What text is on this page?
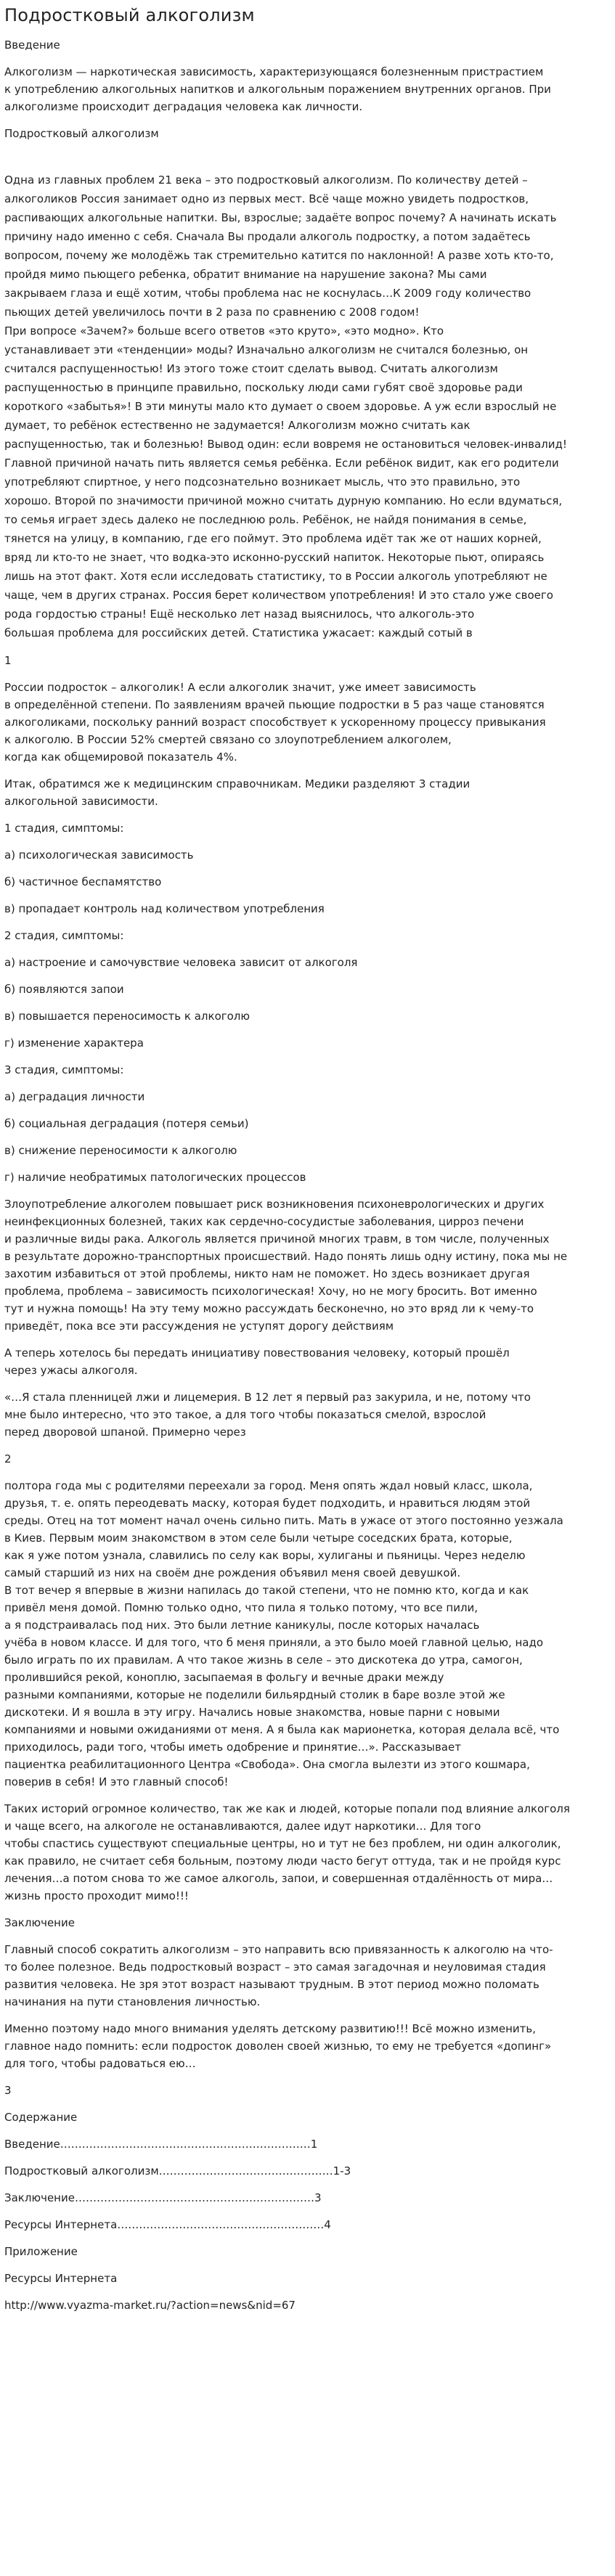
Подростковый алкоголизм

Введение

Алкоголизм — наркотическая зависимость, характеризующаяся болезненным пристрастием
к употреблению алкогольных напитков и алкогольным поражением внутренних органов. При
алкоголизме происходит деградация человека как личности.

Подростковый алкоголизм

Одна из главных проблем 21 века – это подростковый алкоголизм. По количеству детей –
алкоголиков Россия занимает одно из первых мест. Всё чаще можно увидеть подростков,
распивающих алкогольные напитки. Вы, взрослые; задаёте вопрос почему? А начинать искать
причину надо именно с себя. Сначала Вы продали алкоголь подростку, а потом задаётесь
вопросом, почему же молодёжь так стремительно катится по наклонной! А разве хоть кто-то,
пройдя мимо пьющего ребенка, обратит внимание на нарушение закона? Мы сами
закрываем глаза и ещё хотим, чтобы проблема нас не коснулась…К 2009 году количество
пьющих детей увеличилось почти в 2 раза по сравнению с 2008 годом!
При вопросе «Зачем?» больше всего ответов «это круто», «это модно». Кто
устанавливает эти «тенденции» моды? Изначально алкоголизм не считался болезнью, он
считался распущенностью! Из этого тоже стоит сделать вывод. Считать алкоголизм
распущенностью в принципе правильно, поскольку люди сами губят своё здоровье ради
короткого «забытья»! В эти минуты мало кто думает о своем здоровье. А уж если взрослый не
думает, то ребёнок естественно не задумается! Алкоголизм можно считать как
распущенностью, так и болезнью! Вывод один: если вовремя не остановиться человек-инвалид!
Главной причиной начать пить является семья ребёнка. Если ребёнок видит, как его родители
употребляют спиртное, у него подсознательно возникает мысль, что это правильно, это
хорошо. Второй по значимости причиной можно считать дурную компанию. Но если вдуматься,
то семья играет здесь далеко не последнюю роль. Ребёнок, не найдя понимания в семье,
тянется на улицу, в компанию, где его поймут. Это проблема идёт так же от наших корней,
вряд ли кто-то не знает, что водка-это исконно-русский напиток. Некоторые пьют, опираясь
лишь на этот факт. Хотя если исследовать статистику, то в России алкоголь употребляют не
чаще, чем в других странах. Россия берет количеством употребления! И это стало уже своего
рода гордостью страны! Ещё несколько лет назад выяснилось, что алкоголь-это
большая проблема для российских детей. Статистика ужасает: каждый сотый в

1

России подросток – алкоголик! А если алкоголик значит, уже имеет зависимость
в определённой степени. По заявлениям врачей пьющие подростки в 5 раз чаще становятся
алкоголиками, поскольку ранний возраст способствует к ускоренному процессу привыкания
к алкоголю. В России 52% смертей связано со злоупотреблением алкоголем,
когда как общемировой показатель 4%.

Итак, обратимся же к медицинским справочникам. Медики разделяют 3 стадии
алкогольной зависимости.

1 стадия, симптомы:

а) психологическая зависимость

б) частичное беспамятство

в) пропадает контроль над количеством употребления

2 стадия, симптомы:

а) настроение и самочувствие человека зависит от алкоголя

б) появляются запои

в) повышается переносимость к алкоголю

г) изменение характера

3 стадия, симптомы:

а) деградация личности

б) социальная деградация (потеря семьи)

в) снижение переносимости к алкоголю

г) наличие необратимых патологических процессов

Злоупотребление алкоголем повышает риск возникновения психоневрологических и других
неинфекционных болезней, таких как сердечно-сосудистые заболевания, цирроз печени
и различные виды рака. Алкоголь является причиной многих травм, в том числе, полученных
в результате дорожно-транспортных происшествий. Надо понять лишь одну истину, пока мы не
захотим избавиться от этой проблемы, никто нам не поможет. Но здесь возникает другая
проблема, проблема – зависимость психологическая! Хочу, но не могу бросить. Вот именно
тут и нужна помощь! На эту тему можно рассуждать бесконечно, но это вряд ли к чему-то
приведёт, пока все эти рассуждения не уступят дорогу действиям

А теперь хотелось бы передать инициативу повествования человеку, который прошёл
через ужасы алкоголя.

«…Я стала пленницей лжи и лицемерия. В 12 лет я первый раз закурила, и не, потому что
мне было интересно, что это такое, а для того чтобы показаться смелой, взрослой
перед дворовой шпаной. Примерно через

2

полтора года мы с родителями переехали за город. Меня опять ждал новый класс, школа,
друзья, т. е. опять переодевать маску, которая будет подходить, и нравиться людям этой
среды. Отец на тот момент начал очень сильно пить. Мать в ужасе от этого постоянно уезжала
в Киев. Первым моим знакомством в этом селе были четыре соседских брата, которые,
как я уже потом узнала, славились по селу как воры, хулиганы и пьяницы. Через неделю
самый старший из них на своём дне рождения объявил меня своей девушкой.
В тот вечер я впервые в жизни напилась до такой степени, что не помню кто, когда и как
привёл меня домой. Помню только одно, что пила я только потому, что все пили,
а я подстраивалась под них. Это были летние каникулы, после которых началась
учёба в новом классе. И для того, что б меня приняли, а это было моей главной целью, надо
было играть по их правилам. А что такое жизнь в селе – это дискотека до утра, самогон,
пролившийся рекой, коноплю, засыпаемая в фольгу и вечные драки между
разными компаниями, которые не поделили бильярдный столик в баре возле этой же
дискотеки. И я вошла в эту игру. Начались новые знакомства, новые парни с новыми
компаниями и новыми ожиданиями от меня. А я была как марионетка, которая делала всё, что
приходилось, ради того, чтобы иметь одобрение и принятие…». Рассказывает
пациентка реабилитационного Центра «Свобода». Она смогла вылезти из этого кошмара,
поверив в себя! И это главный способ!

Таких историй огромное количество, так же как и людей, которые попали под влияние алкоголя
и чаще всего, на алкоголе не останавливаются, далее идут наркотики… Для того
чтобы спастись существуют специальные центры, но и тут не без проблем, ни один алкоголик,
как правило, не считает себя больным, поэтому люди часто бегут оттуда, так и не пройдя курс
лечения…а потом снова то же самое алкоголь, запои, и совершенная отдалённость от мира…
жизнь просто проходит мимо!!!

Заключение

Главный способ сократить алкоголизм – это направить всю привязанность к алкоголю на что-
то более полезное. Ведь подростковый возраст – это самая загадочная и неуловимая стадия
развития человека. Не зря этот возраст называют трудным. В этот период можно поломать
начинания на пути становления личностью.

Именно поэтому надо много внимания уделять детскому развитию!!! Всё можно изменить,
главное надо помнить: если подросток доволен своей жизнью, то ему не требуется «допинг»
для того, чтобы радоваться ею…

3

Содержание

Введение……………………………………………………………1

Подростковый алкоголизм…………………………………………1-3

Заключение…………………………………………………………3

Ресурсы Интернета…………………………………………………4

Приложение

Ресурсы Интернета

http://www.vyazma-market.ru/?action=news&nid=67
